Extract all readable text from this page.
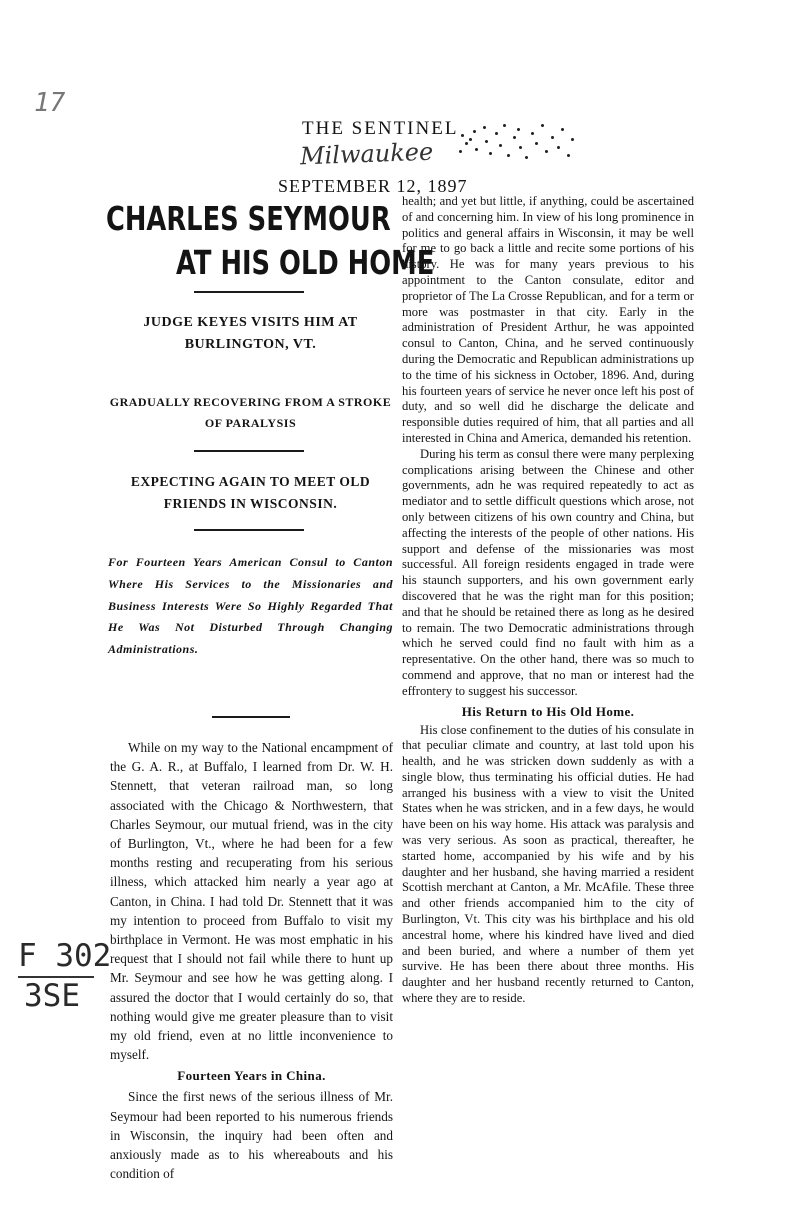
17
THE SENTINEL
Milwaukee
SEPTEMBER 12, 1897
CHARLES SEYMOUR
AT HIS OLD HOME
JUDGE KEYES VISITS HIM AT BURLINGTON, VT.
GRADUALLY RECOVERING FROM A STROKE OF PARALYSIS
EXPECTING AGAIN TO MEET OLD FRIENDS IN WISCONSIN.
For Fourteen Years American Consul to Canton Where His Services to the Missionaries and Business Interests Were So Highly Regarded That He Was Not Disturbed Through Changing Administrations.

While on my way to the National encampment of the G. A. R., at Buffalo, I learned from Dr. W. H. Stennett, that veteran railroad man, so long associated with the Chicago & Northwestern, that Charles Seymour, our mutual friend, was in the city of Burlington, Vt., where he had been for a few months resting and recuperating from his serious illness, which attacked him nearly a year ago at Canton, in China. I had told Dr. Stennett that it was my intention to proceed from Buffalo to visit my birthplace in Vermont. He was most emphatic in his request that I should not fail while there to hunt up Mr. Seymour and see how he was getting along. I assured the doctor that I would certainly do so, that nothing would give me greater pleasure than to visit my old friend, even at no little inconvenience to myself.

Fourteen Years in China.

Since the first news of the serious illness of Mr. Seymour had been reported to his numerous friends in Wisconsin, the inquiry had been often and anxiously made as to his whereabouts and his condition of

health; and yet but little, if anything, could be ascertained of and concerning him. In view of his long prominence in politics and general affairs in Wisconsin, it may be well for me to go back a little and recite some portions of his history. He was for many years previous to his appointment to the Canton consulate, editor and proprietor of The La Crosse Republican, and for a term or more was postmaster in that city. Early in the administration of President Arthur, he was appointed consul to Canton, China, and he served continuously during the Democratic and Republican administrations up to the time of his sickness in October, 1896. And, during his fourteen years of service he never once left his post of duty, and so well did he discharge the delicate and responsible duties required of him, that all parties and all interested in China and America, demanded his retention.

During his term as consul there were many perplexing complications arising between the Chinese and other governments, adn he was required repeatedly to act as mediator and to settle difficult questions which arose, not only between citizens of his own country and China, but affecting the interests of the people of other nations. His support and defense of the missionaries was most successful. All foreign residents engaged in trade were his staunch supporters, and his own government early discovered that he was the right man for this position; and that he should be retained there as long as he desired to remain. The two Democratic administrations through which he served could find no fault with him as a representative. On the other hand, there was so much to commend and approve, that no man or interest had the effrontery to suggest his successor.

His Return to His Old Home.

His close confinement to the duties of his consulate in that peculiar climate and country, at last told upon his health, and he was stricken down suddenly as with a single blow, thus terminating his official duties. He had arranged his business with a view to visit the United States when he was stricken, and in a few days, he would have been on his way home. His attack was paralysis and was very serious. As soon as practical, thereafter, he started home, accompanied by his wife and by his daughter and her husband, she having married a resident Scottish merchant at Canton, a Mr. McAfile. These three and other friends accompanied him to the city of Burlington, Vt. This city was his birthplace and his old ancestral home, where his kindred have lived and died and been buried, and where a number of them yet survive. He has been there about three months. His daughter and her husband recently returned to Canton, where they are to reside.

F 302
3SE
